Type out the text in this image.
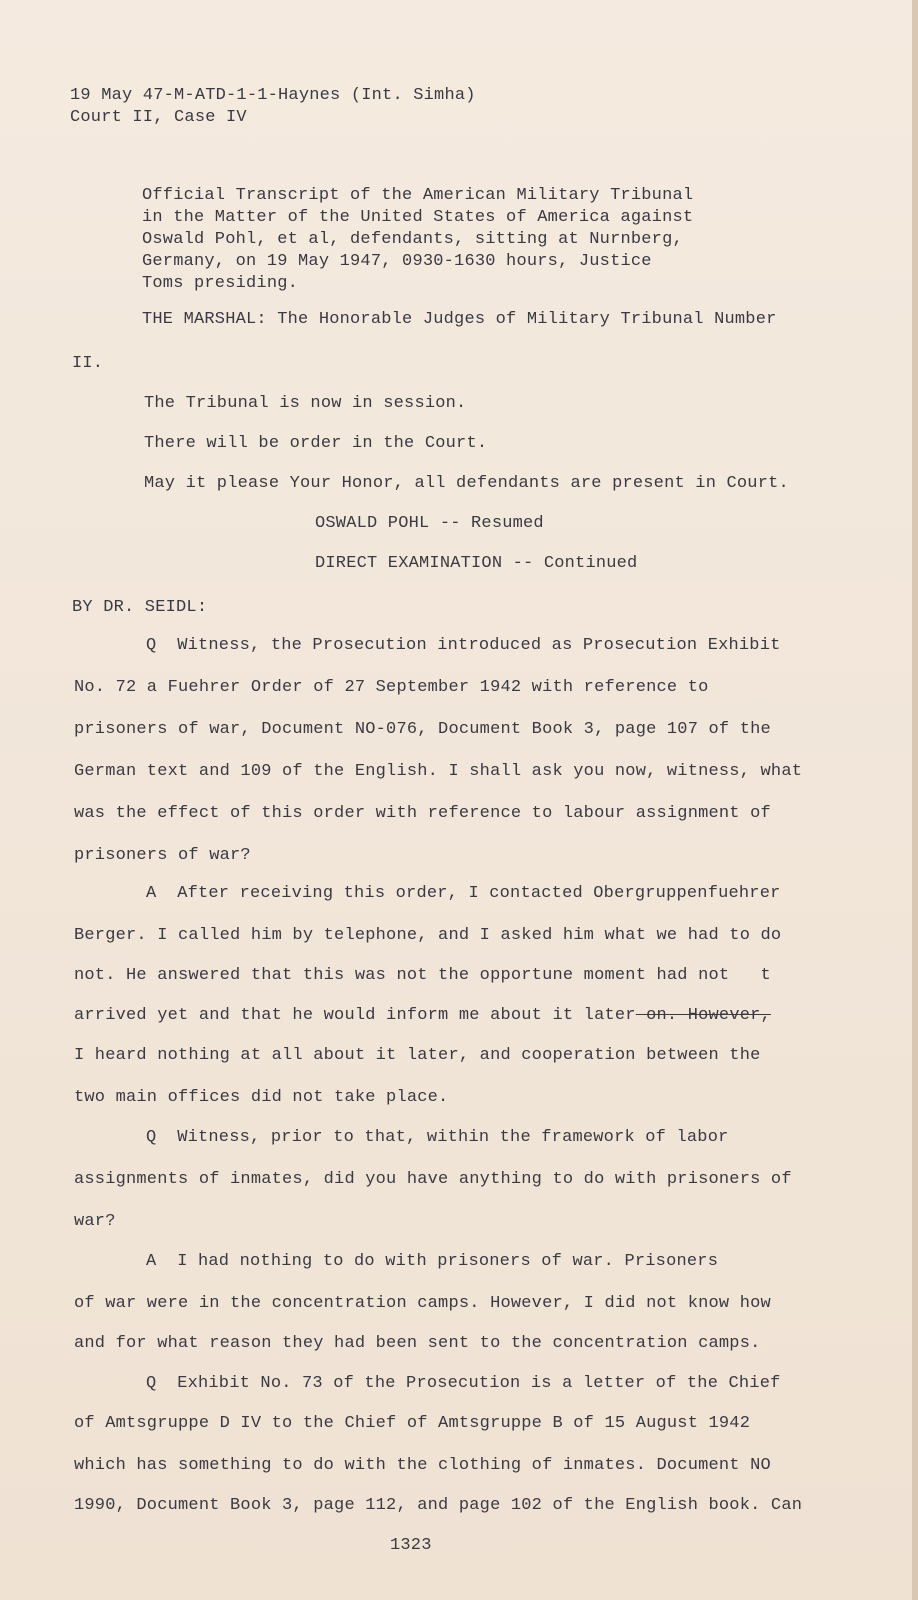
19 May 47-M-ATD-1-1-Haynes (Int. Simha)
Court II, Case IV
Official Transcript of the American Military Tribunal
in the Matter of the United States of America against
Oswald Pohl, et al, defendants, sitting at Nurnberg,
Germany, on 19 May 1947, 0930-1630 hours, Justice
Toms presiding.
THE MARSHAL: The Honorable Judges of Military Tribunal Number
II.
The Tribunal is now in session.
There will be order in the Court.
May it please Your Honor, all defendants are present in Court.
OSWALD POHL -- Resumed
DIRECT EXAMINATION -- Continued
BY DR. SEIDL:
Q  Witness, the Prosecution introduced as Prosecution Exhibit
No. 72 a Fuehrer Order of 27 September 1942 with reference to
prisoners of war, Document NO-076, Document Book 3, page 107 of the
German text and 109 of the English. I shall ask you now, witness, what
was the effect of this order with reference to labour assignment of
prisoners of war?
A  After receiving this order, I contacted Obergruppenfuehrer
Berger. I called him by telephone, and I asked him what we had to do
not. He answered that this was not the opportune moment had not   t
arrived yet and that he would inform me about it later on. However,
I heard nothing at all about it later, and cooperation between the
two main offices did not take place.
Q  Witness, prior to that, within the framework of labor
assignments of inmates, did you have anything to do with prisoners of
war?
A  I had nothing to do with prisoners of war. Prisoners
of war were in the concentration camps. However, I did not know how
and for what reason they had been sent to the concentration camps.
Q  Exhibit No. 73 of the Prosecution is a letter of the Chief
of Amtsgruppe D IV to the Chief of Amtsgruppe B of 15 August 1942
which has something to do with the clothing of inmates. Document NO
1990, Document Book 3, page 112, and page 102 of the English book. Can
1323
